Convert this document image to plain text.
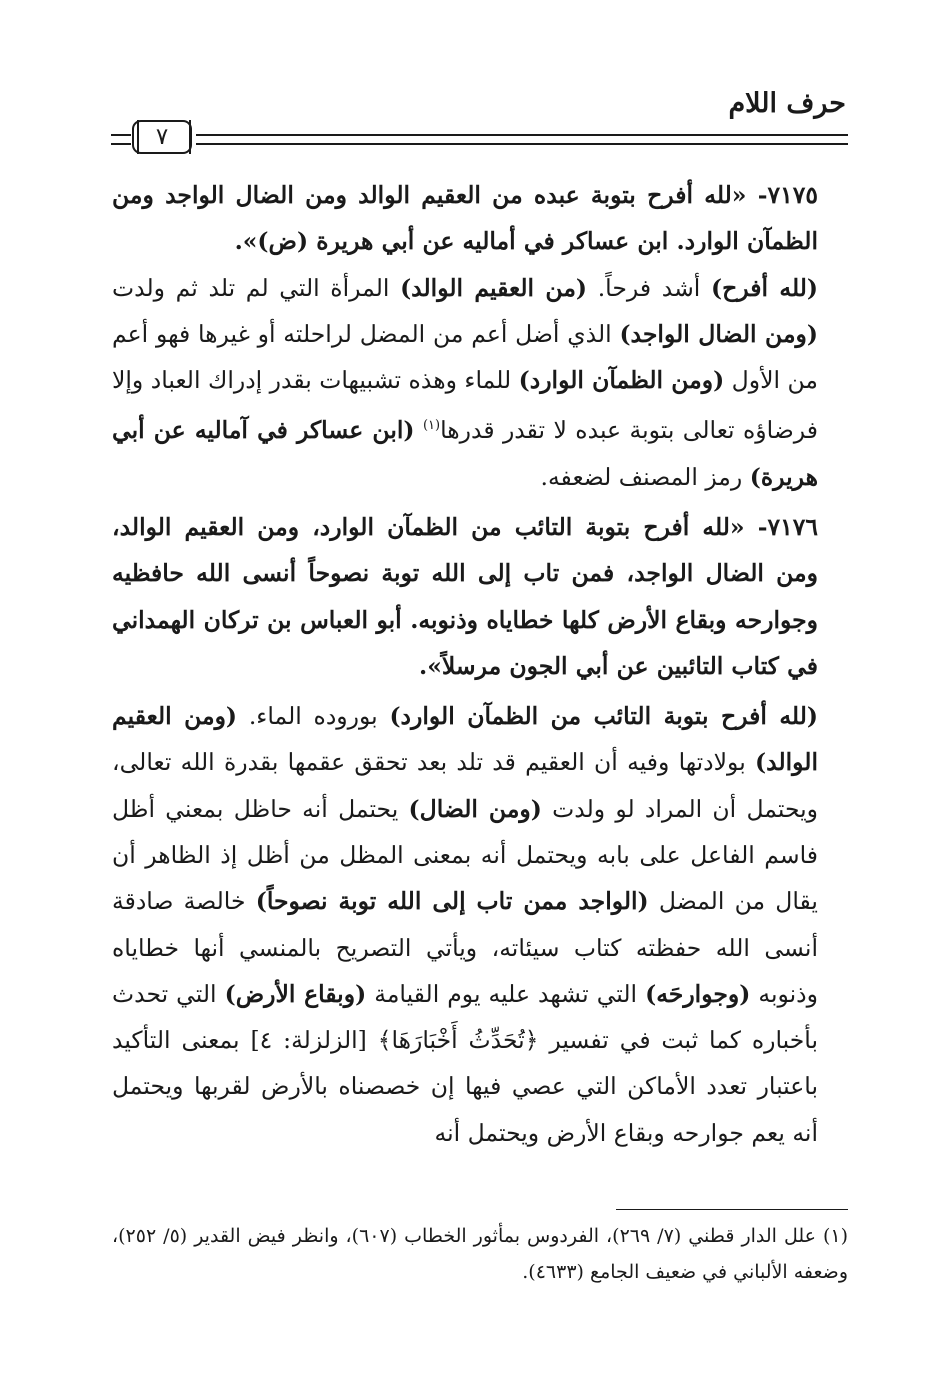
حرف اللام
٧

٧١٧٥- «لله أفرح بتوبة عبده من العقيم الوالد ومن الضال الواجد ومن الظمآن الوارد. ابن عساكر في أماليه عن أبي هريرة (ض)».

(لله أفرح) أشد فرحاً. (من العقيم الوالد) المرأة التي لم تلد ثم ولدت (ومن الضال الواجد) الذي أضل أعم من المضل لراحلته أو غيرها فهو أعم من الأول (ومن الظمآن الوارد) للماء وهذه تشبيهات بقدر إدراك العباد وإلا فرضاؤه تعالى بتوبة عبده لا تقدر قدرها$^{(١)}$ (ابن عساكر في آماليه عن أبي هريرة) رمز المصنف لضعفه.

٧١٧٦- «لله أفرح بتوبة التائب من الظمآن الوارد، ومن العقيم الوالد، ومن الضال الواجد، فمن تاب إلى الله توبة نصوحاً أنسى الله حافظيه وجوارحه وبقاع الأرض كلها خطاياه وذنوبه. أبو العباس بن تركان الهمداني في كتاب التائبين عن أبي الجون مرسلاً».

(لله أفرح بتوبة التائب من الظمآن الوارد) بوروده الماء. (ومن العقيم الوالد) بولادتها وفيه أن العقيم قد تلد بعد تحقق عقمها بقدرة الله تعالى، ويحتمل أن المراد لو ولدت (ومن الضال) يحتمل أنه حاظل بمعني أظل فاسم الفاعل على بابه ويحتمل أنه بمعنى المظل من أظل إذ الظاهر أن يقال من المضل (الواجد ممن تاب إلى الله توبة نصوحاً) خالصة صادقة أنسى الله حفظته كتاب سيئاته، ويأتي التصريح بالمنسي أنها خطاياه وذنوبه (وجوارحَه) التي تشهد عليه يوم القيامة (وبقاع الأرض) التي تحدث بأخباره كما ثبت في تفسير ﴿تُحَدِّثُ أَخْبَارَهَا﴾ [الزلزلة: ٤] بمعنى التأكيد باعتبار تعدد الأماكن التي عصي فيها إن خصصناه بالأرض لقربها ويحتمل أنه يعم جوارحه وبقاع الأرض ويحتمل أنه

(١) علل الدار قطني (٧/ ٢٦٩)، الفردوس بمأثور الخطاب (٦٠٧)، وانظر فيض القدير (٥/ ٢٥٢)، وضعفه الألباني في ضعيف الجامع (٤٦٣٣).
